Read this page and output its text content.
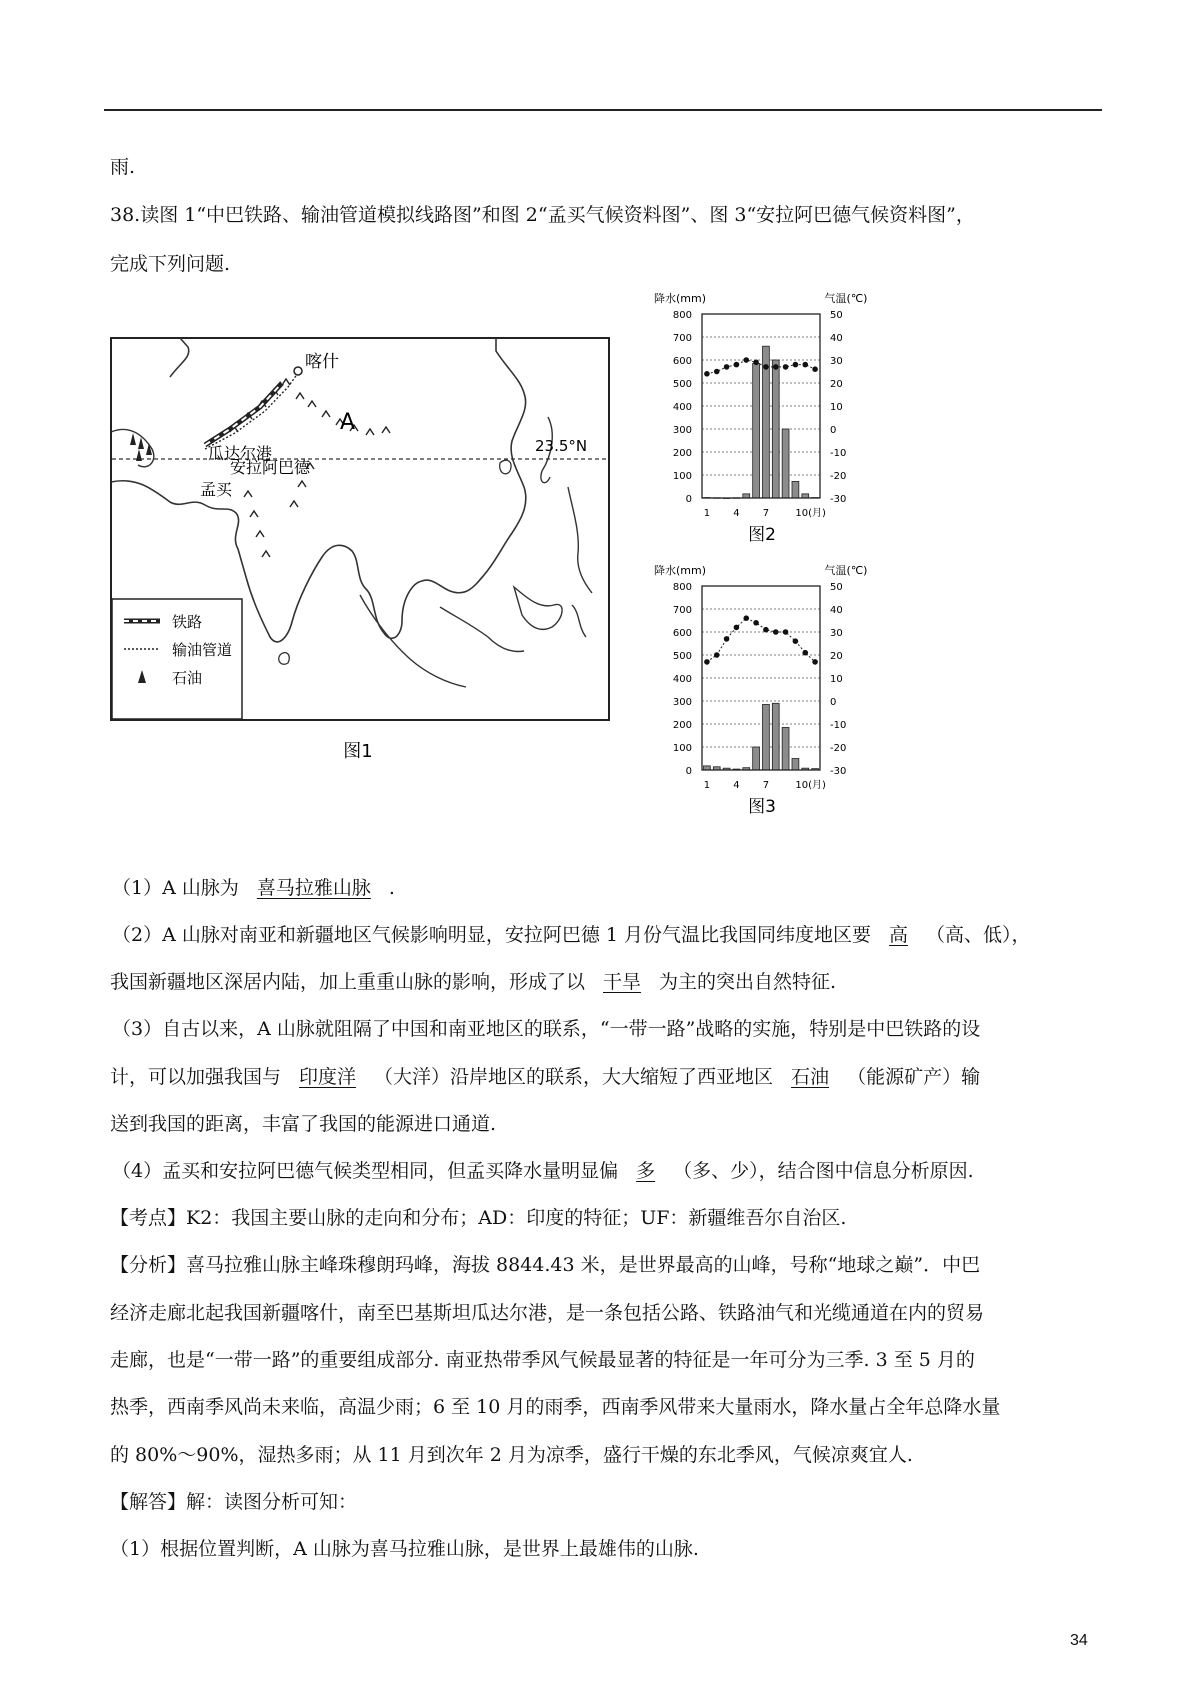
雨.
38.读图 1“中巴铁路、输油管道模拟线路图”和图 2“孟买气候资料图”、图 3“安拉阿巴德气候资料图”，
完成下列问题.
23.5°N
喀什
瓜达尔港
安拉阿巴德
孟买
A
铁路
输油管道
石油
图1
降水(mm)	气温(℃)
0	-30
100	-20
200	-10
300	0
400	10
500	20
600	30
700	40
800	50
1 4 7	10(月)
图2
降水(mm)	气温(℃)
0	-30
100	-20
200	-10
300	0
400	10
500	20
600	30
700	40
800	50
1 4 7	10(月)
图3
（1）A 山脉为 喜马拉雅山脉 .
（2）A 山脉对南亚和新疆地区气候影响明显，安拉阿巴德 1 月份气温比我国同纬度地区要 高 （高、低），
我国新疆地区深居内陆，加上重重山脉的影响，形成了以 干旱 为主的突出自然特征.
（3）自古以来，A 山脉就阻隔了中国和南亚地区的联系，“一带一路”战略的实施，特别是中巴铁路的设
计，可以加强我国与 印度洋 （大洋）沿岸地区的联系，大大缩短了西亚地区 石油 （能源矿产）输
送到我国的距离，丰富了我国的能源进口通道.
（4）孟买和安拉阿巴德气候类型相同，但孟买降水量明显偏 多 （多、少），结合图中信息分析原因.
【考点】K2：我国主要山脉的走向和分布；AD：印度的特征；UF：新疆维吾尔自治区.
【分析】喜马拉雅山脉主峰珠穆朗玛峰，海拔 8844.43 米，是世界最高的山峰，号称“地球之巅”．中巴
经济走廊北起我国新疆喀什，南至巴基斯坦瓜达尔港，是一条包括公路、铁路油气和光缆通道在内的贸易
走廊，也是“一带一路”的重要组成部分. 南亚热带季风气候最显著的特征是一年可分为三季. 3 至 5 月的
热季，西南季风尚未来临，高温少雨；6 至 10 月的雨季，西南季风带来大量雨水，降水量占全年总降水量
的 80%～90%，湿热多雨；从 11 月到次年 2 月为凉季，盛行干燥的东北季风，气候凉爽宜人.
【解答】解：读图分析可知：
（1）根据位置判断，A 山脉为喜马拉雅山脉，是世界上最雄伟的山脉.
34
